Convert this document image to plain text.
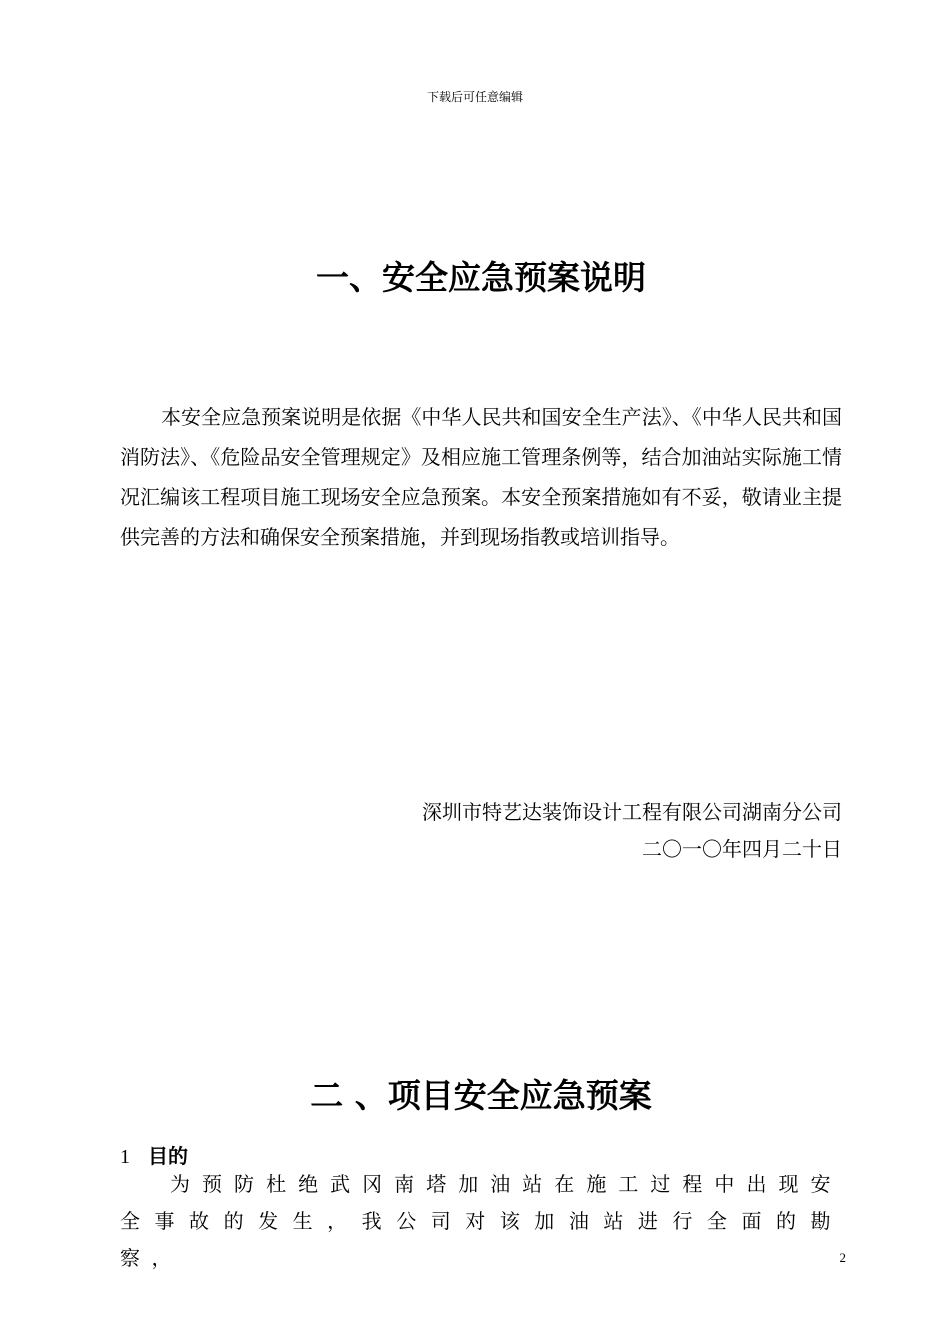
下载后可任意编辑
一、安全应急预案说明

本安全应急预案说明是依据《中华人民共和国安全生产法》、《中华人民共和国消防法》、《危险品安全管理规定》及相应施工管理条例等，结合加油站实际施工情况汇编该工程项目施工现场安全应急预案。本安全预案措施如有不妥，敬请业主提供完善的方法和确保安全预案措施，并到现场指教或培训指导。

深圳市特艺达装饰设计工程有限公司湖南分公司
二〇一〇年四月二十日
二 、项目安全应急预案
1 目的

为预防杜绝武冈南塔加油站在施工过程中出现安全事故的发生，我公司对该加油站进行全面的勘察，	2
